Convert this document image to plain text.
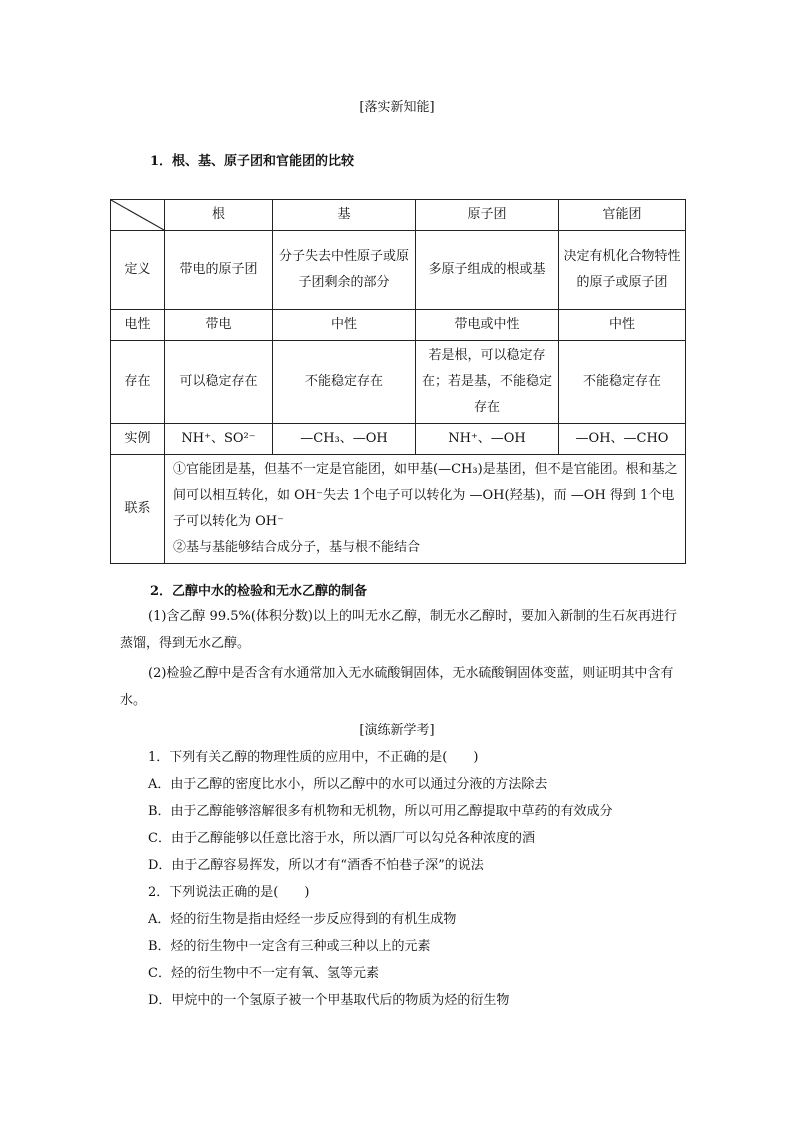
[落实新知能]
1．根、基、原子团和官能团的比较
	根	基	原子团	官能团
定义	带电的原子团	分子失去中性原子或原子团剩余的部分	多原子组成的根或基	决定有机化合物特性的原子或原子团
电性	带电	中性	带电或中性	中性
存在	可以稳定存在	不能稳定存在	若是根，可以稳定存在；若是基，不能稳定存在	不能稳定存在
实例	NH⁺、SO²⁻	—CH₃、—OH	NH⁺、—OH	—OH、—CHO
联系	①官能团是基，但基不一定是官能团，如甲基(—CH₃)是基团，但不是官能团。根和基之间可以相互转化，如 OH⁻失去 1个电子可以转化为 —OH(羟基)，而 —OH 得到 1个电子可以转化为 OH⁻
②基与基能够结合成分子，基与根不能结合			
2．乙醇中水的检验和无水乙醇的制备
(1)含乙醇 99.5%(体积分数)以上的叫无水乙醇，制无水乙醇时，要加入新制的生石灰再进行蒸馏，得到无水乙醇。
(2)检验乙醇中是否含有水通常加入无水硫酸铜固体，无水硫酸铜固体变蓝，则证明其中含有水。
[演练新学考]
1．下列有关乙醇的物理性质的应用中，不正确的是(　　)
A．由于乙醇的密度比水小，所以乙醇中的水可以通过分液的方法除去
B．由于乙醇能够溶解很多有机物和无机物，所以可用乙醇提取中草药的有效成分
C．由于乙醇能够以任意比溶于水，所以酒厂可以勾兑各种浓度的酒
D．由于乙醇容易挥发，所以才有“酒香不怕巷子深”的说法
2．下列说法正确的是(　　)
A．烃的衍生物是指由烃经一步反应得到的有机生成物
B．烃的衍生物中一定含有三种或三种以上的元素
C．烃的衍生物中不一定有氧、氢等元素
D．甲烷中的一个氢原子被一个甲基取代后的物质为烃的衍生物
